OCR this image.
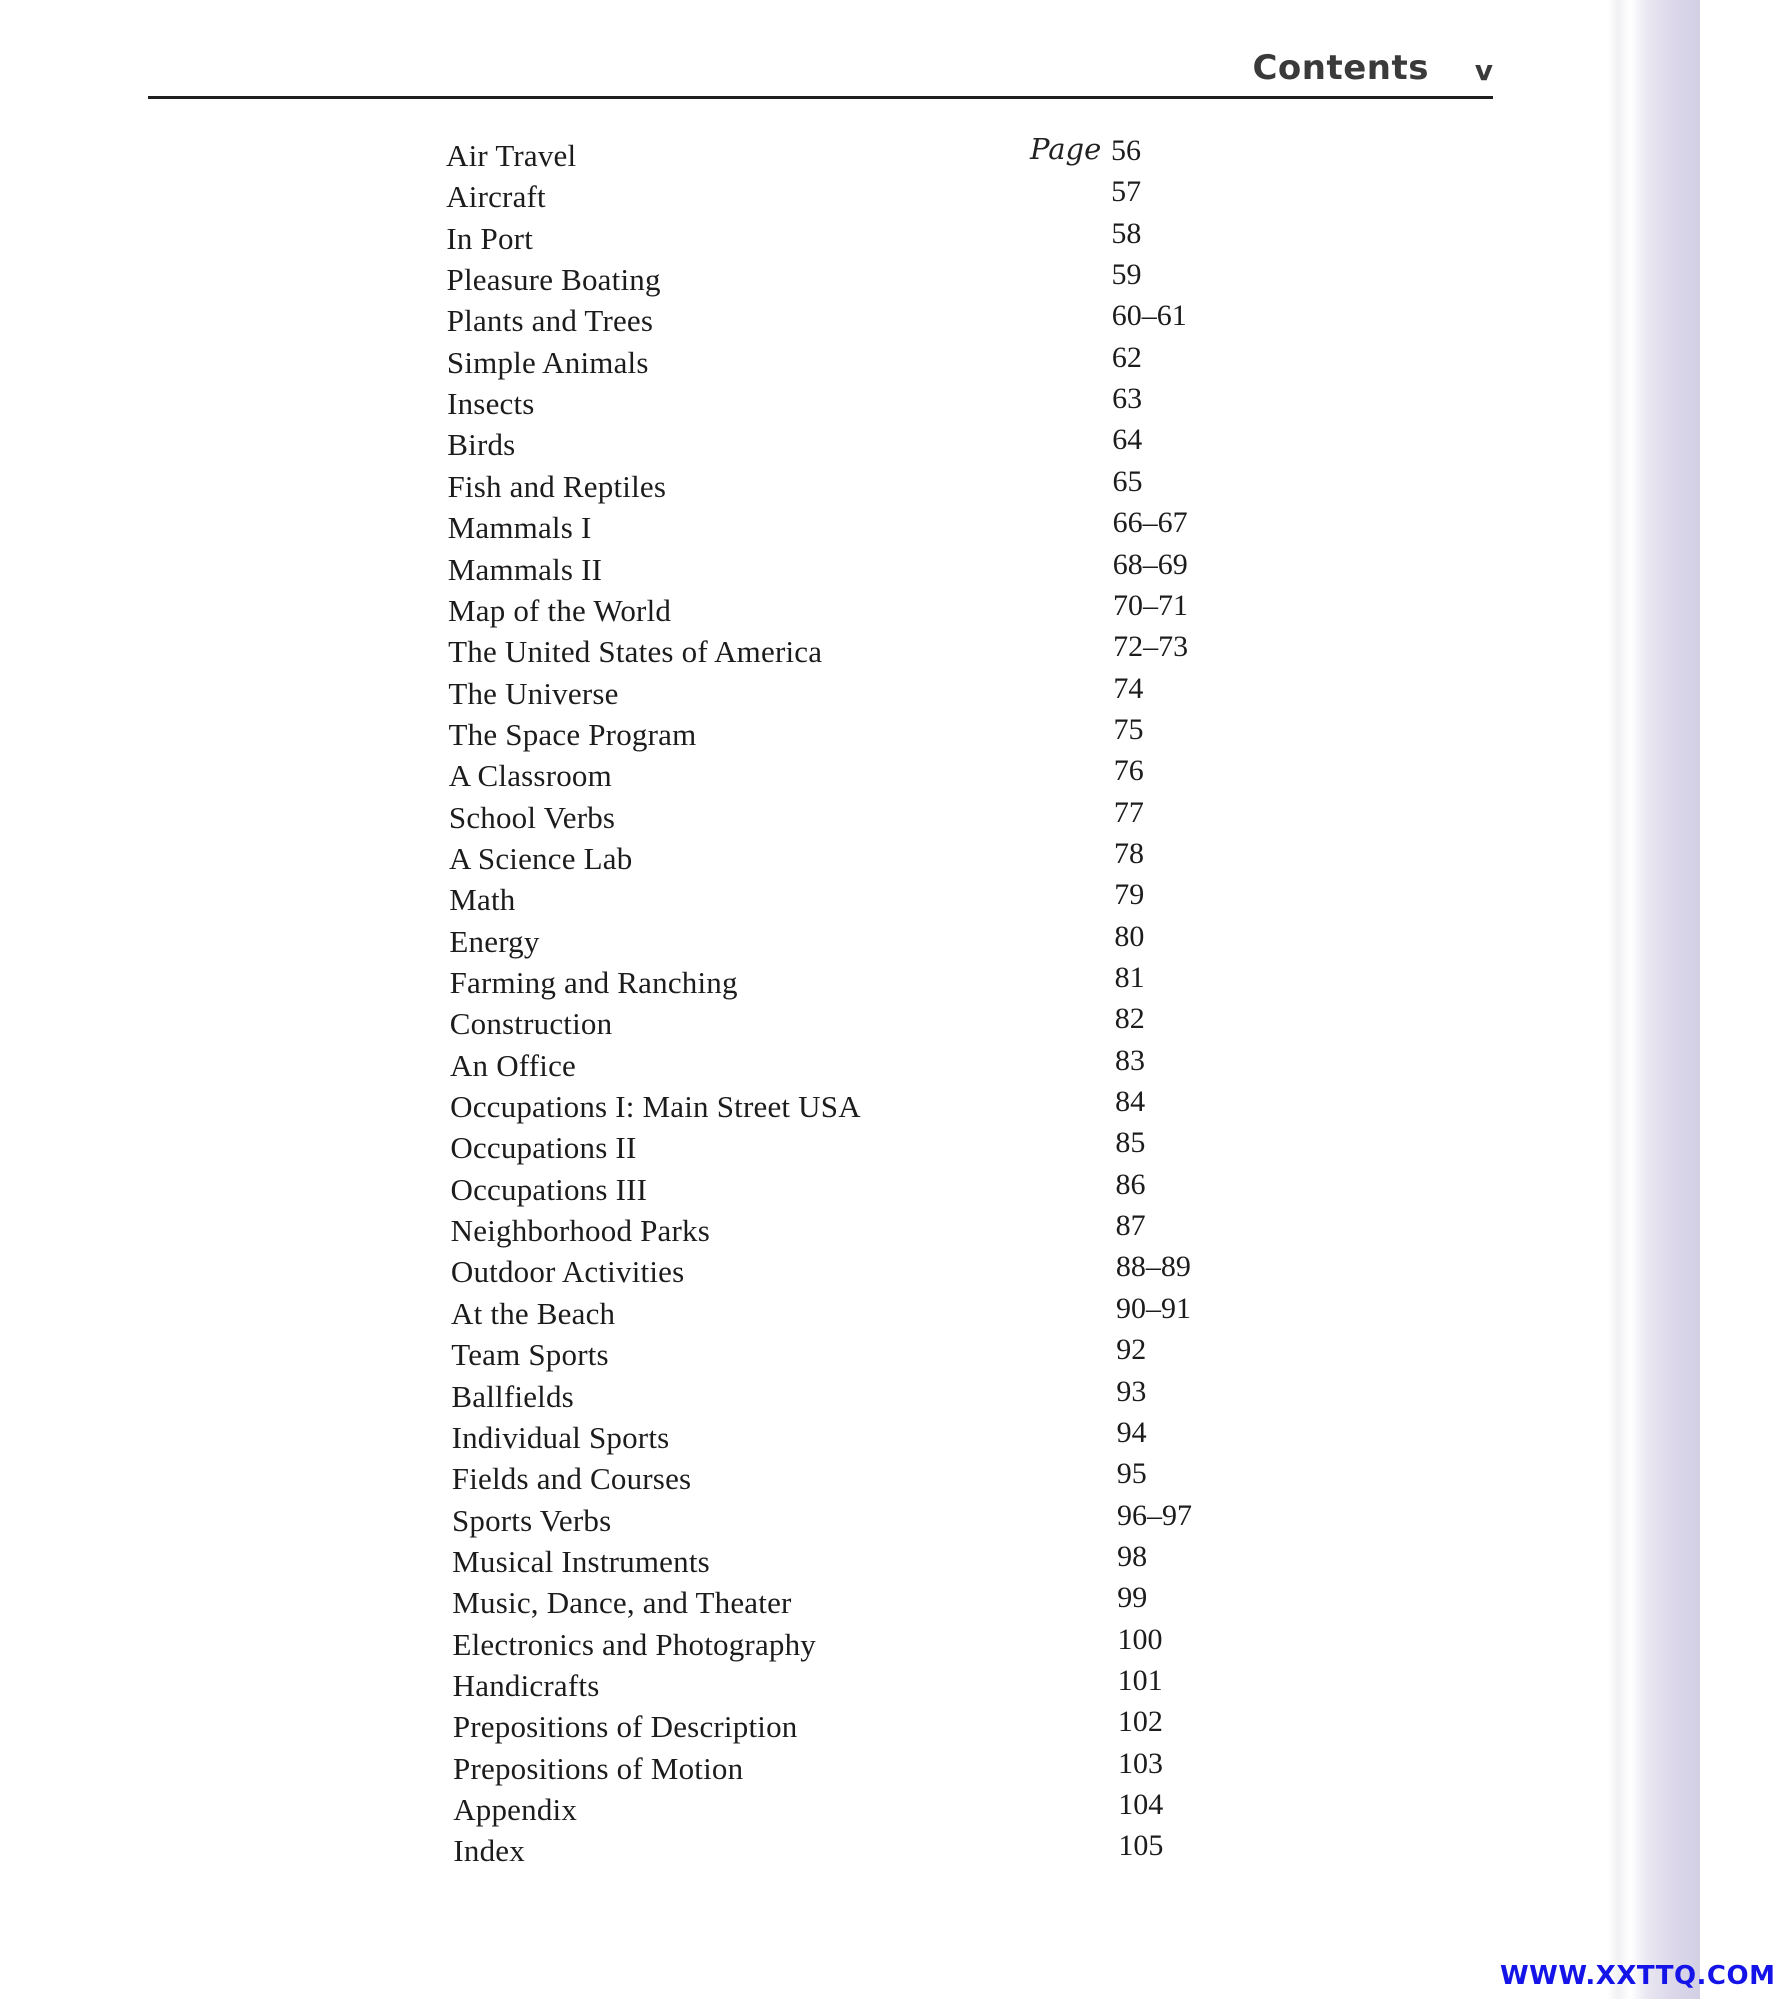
Contents v
Page
Air Travel	56
Aircraft	57
In Port	58
Pleasure Boating	59
Plants and Trees	60–61
Simple Animals	62
Insects	63
Birds	64
Fish and Reptiles	65
Mammals I	66–67
Mammals II	68–69
Map of the World	70–71
The United States of America	72–73
The Universe	74
The Space Program	75
A Classroom	76
School Verbs	77
A Science Lab	78
Math	79
Energy	80
Farming and Ranching	81
Construction	82
An Office	83
Occupations I: Main Street USA	84
Occupations II	85
Occupations III	86
Neighborhood Parks	87
Outdoor Activities	88–89
At the Beach	90–91
Team Sports	92
Ballfields	93
Individual Sports	94
Fields and Courses	95
Sports Verbs	96–97
Musical Instruments	98
Music, Dance, and Theater	99
Electronics and Photography	100
Handicrafts	101
Prepositions of Description	102
Prepositions of Motion	103
Appendix	104
Index	105
WWW.XXTTQ.COM
